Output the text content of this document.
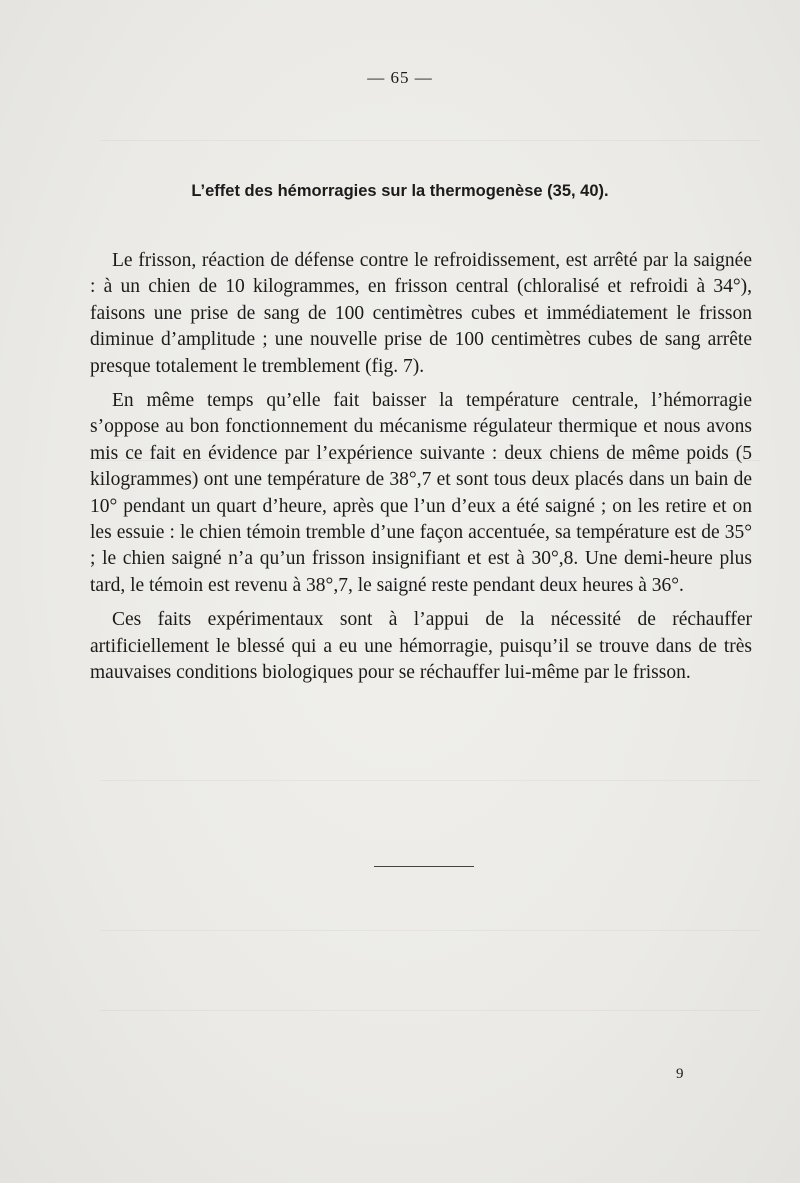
— 65 —
L’effet des hémorragies sur la thermogenèse (35, 40).

Le frisson, réaction de défense contre le refroidissement, est arrêté par la saignée : à un chien de 10 kilogrammes, en frisson central (chloralisé et refroidi à 34°), faisons une prise de sang de 100 centimètres cubes et immédiatement le frisson diminue d’amplitude ; une nouvelle prise de 100 centimètres cubes de sang arrête presque totalement le tremblement (fig. 7).

En même temps qu’elle fait baisser la température centrale, l’hémorragie s’oppose au bon fonctionnement du mécanisme régulateur thermique et nous avons mis ce fait en évidence par l’expérience suivante : deux chiens de même poids (5 kilogrammes) ont une température de 38°,7 et sont tous deux placés dans un bain de 10° pendant un quart d’heure, après que l’un d’eux a été saigné ; on les retire et on les essuie : le chien témoin tremble d’une façon accentuée, sa température est de 35° ; le chien saigné n’a qu’un frisson insignifiant et est à 30°,8. Une demi-heure plus tard, le témoin est revenu à 38°,7, le saigné reste pendant deux heures à 36°.

Ces faits expérimentaux sont à l’appui de la nécessité de réchauffer artificiellement le blessé qui a eu une hémorragie, puisqu’il se trouve dans de très mauvaises conditions biologiques pour se réchauffer lui-même par le frisson.

9
